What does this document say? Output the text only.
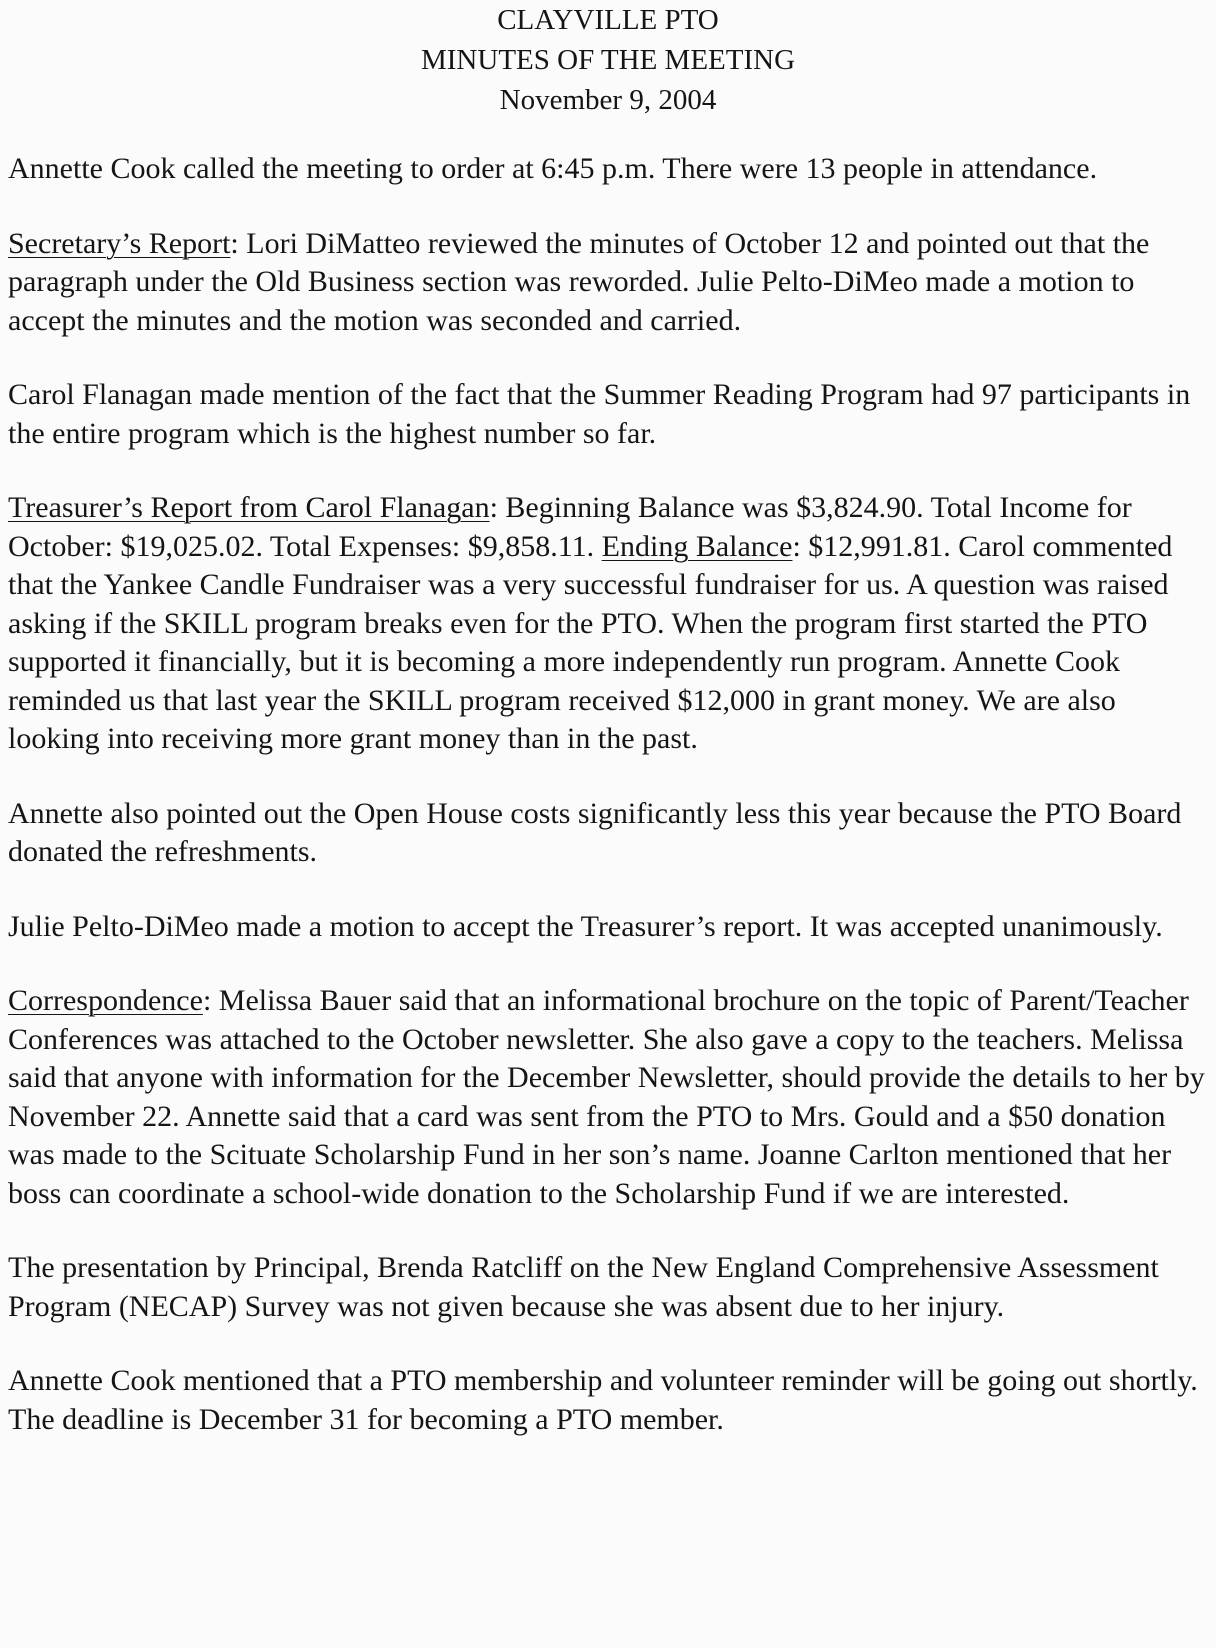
CLAYVILLE PTO
MINUTES OF THE MEETING
November 9, 2004

Annette Cook called the meeting to order at 6:45 p.m. There were 13 people in attendance.

Secretary’s Report: Lori DiMatteo reviewed the minutes of October 12 and pointed out that the paragraph under the Old Business section was reworded. Julie Pelto-DiMeo made a motion to accept the minutes and the motion was seconded and carried.

Carol Flanagan made mention of the fact that the Summer Reading Program had 97 participants in the entire program which is the highest number so far.

Treasurer’s Report from Carol Flanagan: Beginning Balance was $3,824.90. Total Income for October: $19,025.02. Total Expenses: $9,858.11. Ending Balance: $12,991.81. Carol commented that the Yankee Candle Fundraiser was a very successful fundraiser for us. A question was raised asking if the SKILL program breaks even for the PTO. When the program first started the PTO supported it financially, but it is becoming a more independently run program. Annette Cook reminded us that last year the SKILL program received $12,000 in grant money. We are also looking into receiving more grant money than in the past.

Annette also pointed out the Open House costs significantly less this year because the PTO Board donated the refreshments.

Julie Pelto-DiMeo made a motion to accept the Treasurer’s report. It was accepted unanimously.

Correspondence: Melissa Bauer said that an informational brochure on the topic of Parent/Teacher Conferences was attached to the October newsletter. She also gave a copy to the teachers. Melissa said that anyone with information for the December Newsletter, should provide the details to her by November 22. Annette said that a card was sent from the PTO to Mrs. Gould and a $50 donation was made to the Scituate Scholarship Fund in her son’s name. Joanne Carlton mentioned that her boss can coordinate a school-wide donation to the Scholarship Fund if we are interested.

The presentation by Principal, Brenda Ratcliff on the New England Comprehensive Assessment Program (NECAP) Survey was not given because she was absent due to her injury.

Annette Cook mentioned that a PTO membership and volunteer reminder will be going out shortly. The deadline is December 31 for becoming a PTO member.
